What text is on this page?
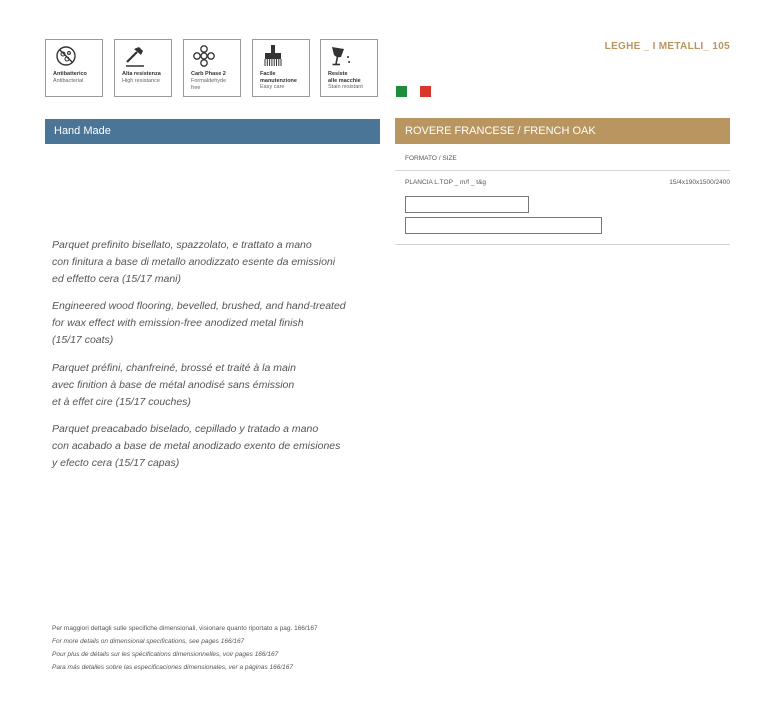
LEGHE _ I METALLI_ 105
Antibatterico
Antibacterial
Alta resistenza
High resistance
Carb Phase 2
Formaldehyde
free
Facile
manutenzione
Easy care
Resiste
alle macchie
Stain resistant
Hand Made	ROVERE FRANCESE / FRENCH OAK
FORMATO / SIZE
PLANCIA L.TOP _ m/f _ t&g	15/4x190x1500/2400

Parquet prefinito bisellato, spazzolato, e trattato a mano
con finitura a base di metallo anodizzato esente da emissioni
ed effetto cera (15/17 mani)

Engineered wood flooring, bevelled, brushed, and hand-treated
for wax effect with emission-free anodized metal finish
(15/17 coats)

Parquet préfini, chanfreiné, brossé et traité à la main
avec finition à base de métal anodisé sans émission
et à effet cire (15/17 couches)

Parquet preacabado biselado, cepillado y tratado a mano
con acabado a base de metal anodizado exento de emisiones
y efecto cera (15/17 capas)

Per maggiori dettagli sulle specifiche dimensionali, visionare quanto riportato a pag. 166/167
For more details on dimensional specifications, see pages 166/167
Pour plus de détails sur les spécifications dimensionnelles, voir pages 166/167
Para más detalles sobre las especificaciones dimensionales, ver a páginas 166/167
